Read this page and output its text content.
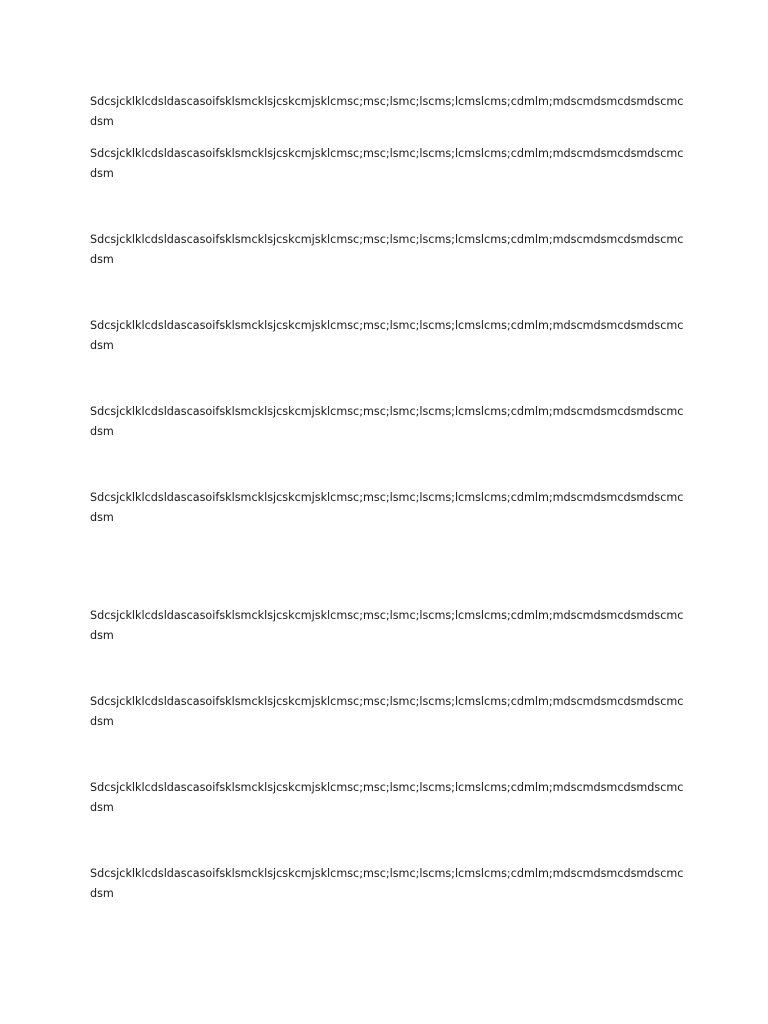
Sdcsjcklklcdsldascasoifsklsmcklsjcskcmjsklcmsc;msc;lsmc;lscms;lcmslcms;cdmlm;mdscmdsmcdsmdscmc
dsm

Sdcsjcklklcdsldascasoifsklsmcklsjcskcmjsklcmsc;msc;lsmc;lscms;lcmslcms;cdmlm;mdscmdsmcdsmdscmc
dsm

Sdcsjcklklcdsldascasoifsklsmcklsjcskcmjsklcmsc;msc;lsmc;lscms;lcmslcms;cdmlm;mdscmdsmcdsmdscmc
dsm

Sdcsjcklklcdsldascasoifsklsmcklsjcskcmjsklcmsc;msc;lsmc;lscms;lcmslcms;cdmlm;mdscmdsmcdsmdscmc
dsm

Sdcsjcklklcdsldascasoifsklsmcklsjcskcmjsklcmsc;msc;lsmc;lscms;lcmslcms;cdmlm;mdscmdsmcdsmdscmc
dsm

Sdcsjcklklcdsldascasoifsklsmcklsjcskcmjsklcmsc;msc;lsmc;lscms;lcmslcms;cdmlm;mdscmdsmcdsmdscmc
dsm

Sdcsjcklklcdsldascasoifsklsmcklsjcskcmjsklcmsc;msc;lsmc;lscms;lcmslcms;cdmlm;mdscmdsmcdsmdscmc
dsm

Sdcsjcklklcdsldascasoifsklsmcklsjcskcmjsklcmsc;msc;lsmc;lscms;lcmslcms;cdmlm;mdscmdsmcdsmdscmc
dsm

Sdcsjcklklcdsldascasoifsklsmcklsjcskcmjsklcmsc;msc;lsmc;lscms;lcmslcms;cdmlm;mdscmdsmcdsmdscmc
dsm

Sdcsjcklklcdsldascasoifsklsmcklsjcskcmjsklcmsc;msc;lsmc;lscms;lcmslcms;cdmlm;mdscmdsmcdsmdscmc
dsm
